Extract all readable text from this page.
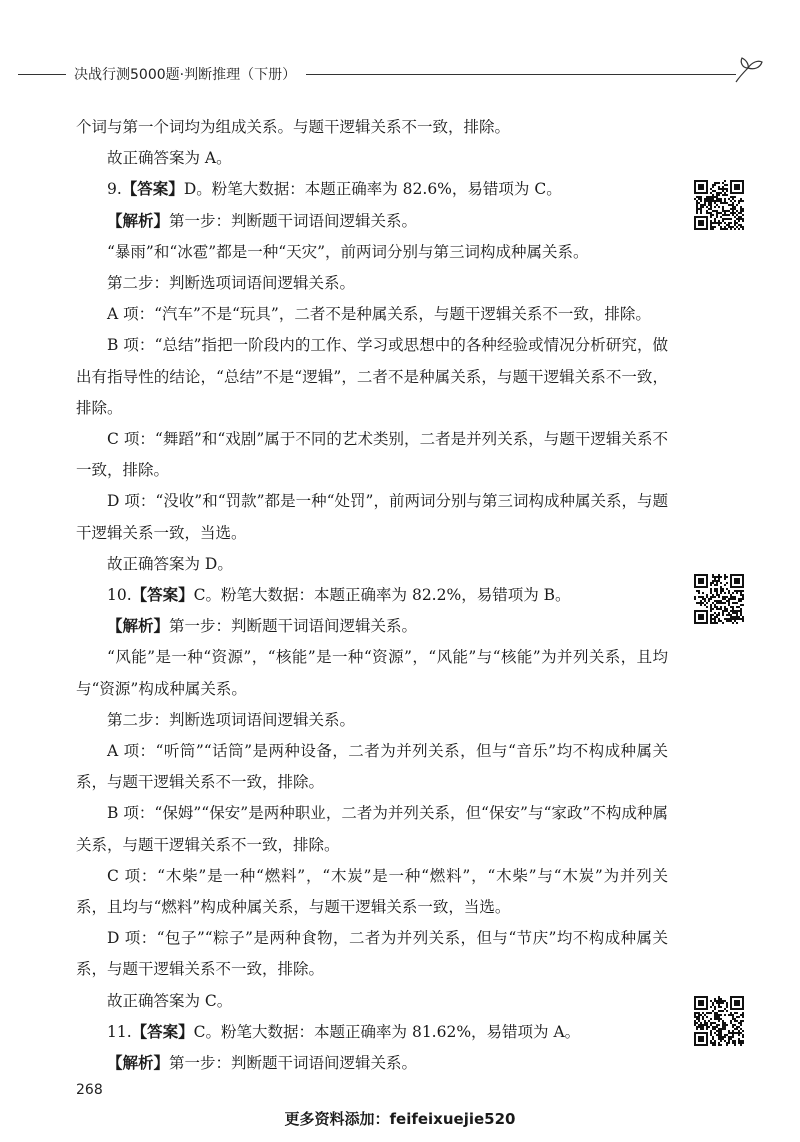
决战行测5000题·判断推理（下册）

个词与第一个词均为组成关系。与题干逻辑关系不一致，排除。

故正确答案为 A。

9.【答案】D。粉笔大数据：本题正确率为 82.6%，易错项为 C。

【解析】第一步：判断题干词语间逻辑关系。

“暴雨”和“冰雹”都是一种“天灾”，前两词分别与第三词构成种属关系。

第二步：判断选项词语间逻辑关系。

A 项：“汽车”不是“玩具”，二者不是种属关系，与题干逻辑关系不一致，排除。

B 项：“总结”指把一阶段内的工作、学习或思想中的各种经验或情况分析研究，做出有指导性的结论，“总结”不是“逻辑”，二者不是种属关系，与题干逻辑关系不一致，排除。

C 项：“舞蹈”和“戏剧”属于不同的艺术类别，二者是并列关系，与题干逻辑关系不一致，排除。

D 项：“没收”和“罚款”都是一种“处罚”，前两词分别与第三词构成种属关系，与题干逻辑关系一致，当选。

故正确答案为 D。

10.【答案】C。粉笔大数据：本题正确率为 82.2%，易错项为 B。

【解析】第一步：判断题干词语间逻辑关系。

“风能”是一种“资源”，“核能”是一种“资源”，“风能”与“核能”为并列关系，且均与“资源”构成种属关系。

第二步：判断选项词语间逻辑关系。

A 项：“听筒”“话筒”是两种设备，二者为并列关系，但与“音乐”均不构成种属关系，与题干逻辑关系不一致，排除。

B 项：“保姆”“保安”是两种职业，二者为并列关系，但“保安”与“家政”不构成种属关系，与题干逻辑关系不一致，排除。

C 项：“木柴”是一种“燃料”，“木炭”是一种“燃料”，“木柴”与“木炭”为并列关系，且均与“燃料”构成种属关系，与题干逻辑关系一致，当选。

D 项：“包子”“粽子”是两种食物，二者为并列关系，但与“节庆”均不构成种属关系，与题干逻辑关系不一致，排除。

故正确答案为 C。

11.【答案】C。粉笔大数据：本题正确率为 81.62%，易错项为 A。

【解析】第一步：判断题干词语间逻辑关系。

268
更多资料添加：feifeixuejie520
